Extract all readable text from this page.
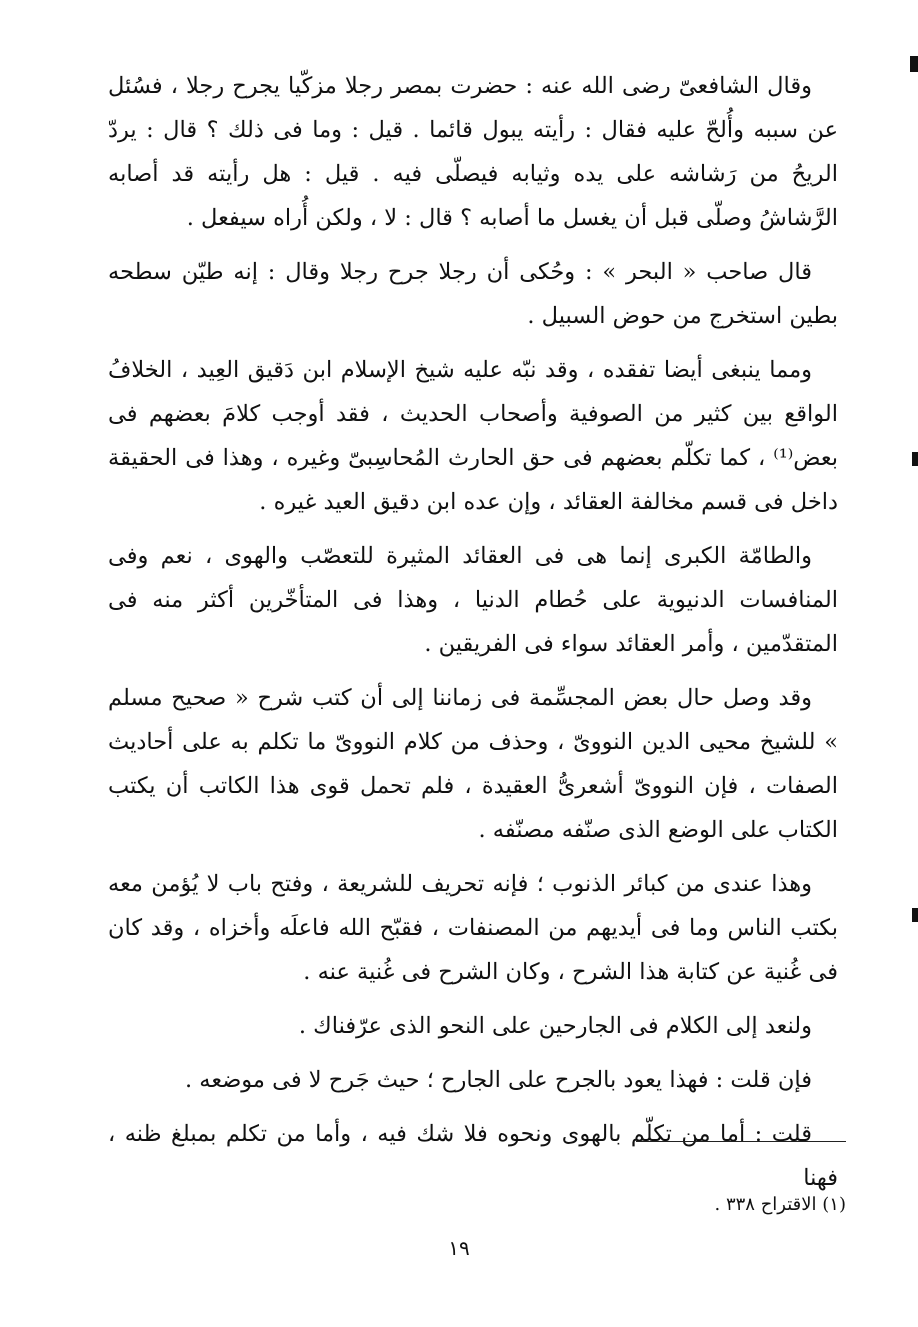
وقال الشافعىّ رضى الله عنه : حضرت بمصر رجلا مزكّيا يجرح رجلا ، فسُئل عن سببه وأُلحّ عليه فقال : رأيته يبول قائما . قيل : وما فى ذلك ؟ قال : يردّ الريحُ من رَشاشه على يده وثيابه فيصلّى فيه . قيل : هل رأيته قد أصابه الرَّشاشُ وصلّى قبل أن يغسل ما أصابه ؟ قال : لا ، ولكن أُراه سيفعل .

قال صاحب « البحر » : وحُكى أن رجلا جرح رجلا وقال : إنه طيّن سطحه بطين استخرج من حوض السبيل .

ومما ينبغى أيضا تفقده ، وقد نبّه عليه شيخ الإسلام ابن دَقيق العِيد ، الخلافُ الواقع بين كثير من الصوفية وأصحاب الحديث ، فقد أوجب كلامَ بعضهم فى بعض⁽¹⁾ ، كما تكلّم بعضهم فى حق الحارث المُحاسِبىّ وغيره ، وهذا فى الحقيقة داخل فى قسم مخالفة العقائد ، وإن عده ابن دقيق العيد غيره .

والطامّة الكبرى إنما هى فى العقائد المثيرة للتعصّب والهوى ، نعم وفى المنافسات الدنيوية على حُطام الدنيا ، وهذا فى المتأخّرين أكثر منه فى المتقدّمين ، وأمر العقائد سواء فى الفريقين .

وقد وصل حال بعض المجسِّمة فى زماننا إلى أن كتب شرح « صحيح مسلم » للشيخ محيى الدين النووىّ ، وحذف من كلام النووىّ ما تكلم به على أحاديث الصفات ، فإن النووىّ أشعرىُّ العقيدة ، فلم تحمل قوى هذا الكاتب أن يكتب الكتاب على الوضع الذى صنّفه مصنّفه .

وهذا عندى من كبائر الذنوب ؛ فإنه تحريف للشريعة ، وفتح باب لا يُؤمن معه بكتب الناس وما فى أيديهم من المصنفات ، فقبّح الله فاعلَه وأخزاه ، وقد كان فى غُنية عن كتابة هذا الشرح ، وكان الشرح فى غُنية عنه .

ولنعد إلى الكلام فى الجارحين على النحو الذى عرّفناك .

فإن قلت : فهذا يعود بالجرح على الجارح ؛ حيث جَرح لا فى موضعه .

قلت : أما من تكلّم بالهوى ونحوه فلا شك فيه ، وأما من تكلم بمبلغ ظنه ، فهنا

(١) الاقتراح ٣٣٨ .
١٩
